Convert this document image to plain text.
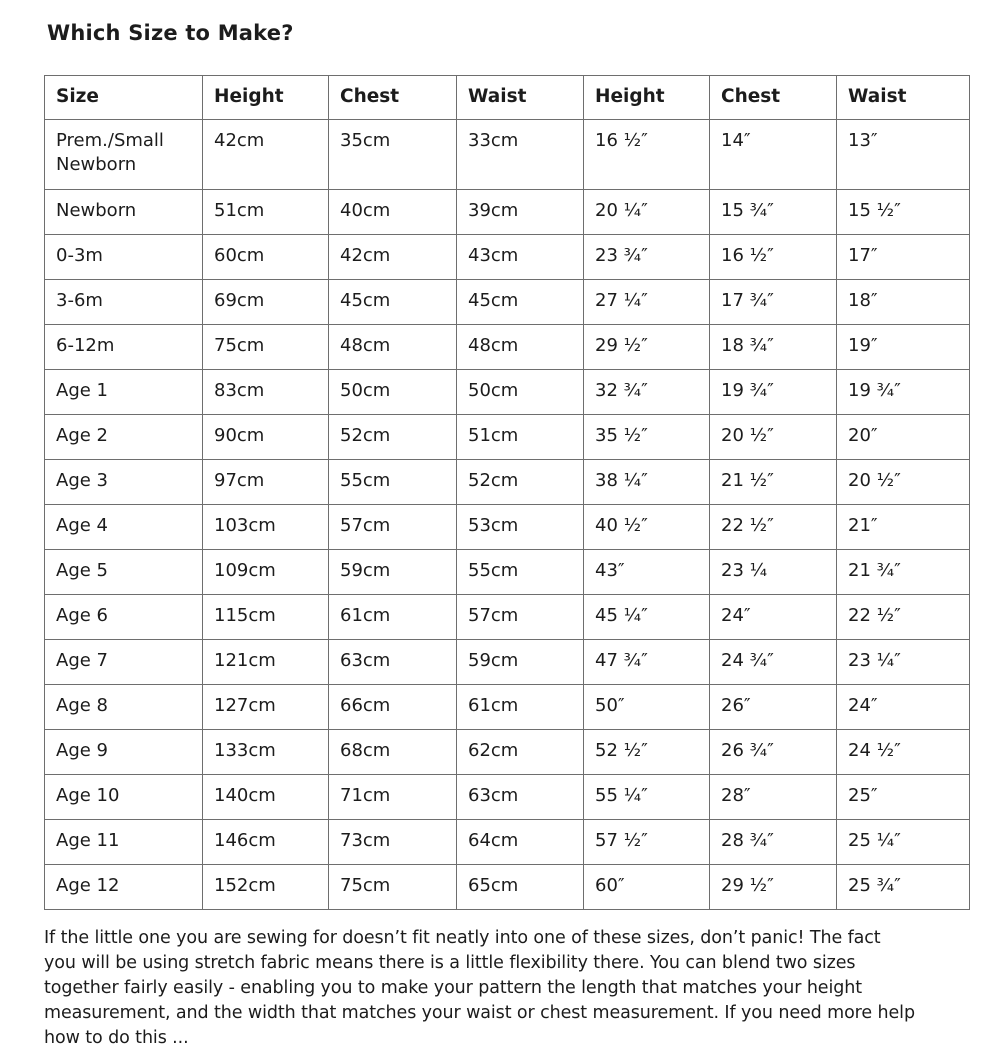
Which Size to Make?
Size	Height	Chest	Waist	Height	Chest	Waist
Prem./Small Newborn	42cm	35cm	33cm	16 ½″	14″	13″
Newborn	51cm	40cm	39cm	20 ¼″	15 ¾″	15 ½″
0-3m	60cm	42cm	43cm	23 ¾″	16 ½″	17″
3-6m	69cm	45cm	45cm	27 ¼″	17 ¾″	18″
6-12m	75cm	48cm	48cm	29 ½″	18 ¾″	19″
Age 1	83cm	50cm	50cm	32 ¾″	19 ¾″	19 ¾″
Age 2	90cm	52cm	51cm	35 ½″	20 ½″	20″
Age 3	97cm	55cm	52cm	38 ¼″	21 ½″	20 ½″
Age 4	103cm	57cm	53cm	40 ½″	22 ½″	21″
Age 5	109cm	59cm	55cm	43″	23 ¼	21 ¾″
Age 6	115cm	61cm	57cm	45 ¼″	24″	22 ½″
Age 7	121cm	63cm	59cm	47 ¾″	24 ¾″	23 ¼″
Age 8	127cm	66cm	61cm	50″	26″	24″
Age 9	133cm	68cm	62cm	52 ½″	26 ¾″	24 ½″
Age 10	140cm	71cm	63cm	55 ¼″	28″	25″
Age 11	146cm	73cm	64cm	57 ½″	28 ¾″	25 ¼″
Age 12	152cm	75cm	65cm	60″	29 ½″	25 ¾″
If the little one you are sewing for doesn’t fit neatly into one of these sizes, don’t panic! The fact
you will be using stretch fabric means there is a little flexibility there. You can blend two sizes
together fairly easily - enabling you to make your pattern the length that matches your height
measurement, and the width that matches your waist or chest measurement. If you need more help
how to do this ...
